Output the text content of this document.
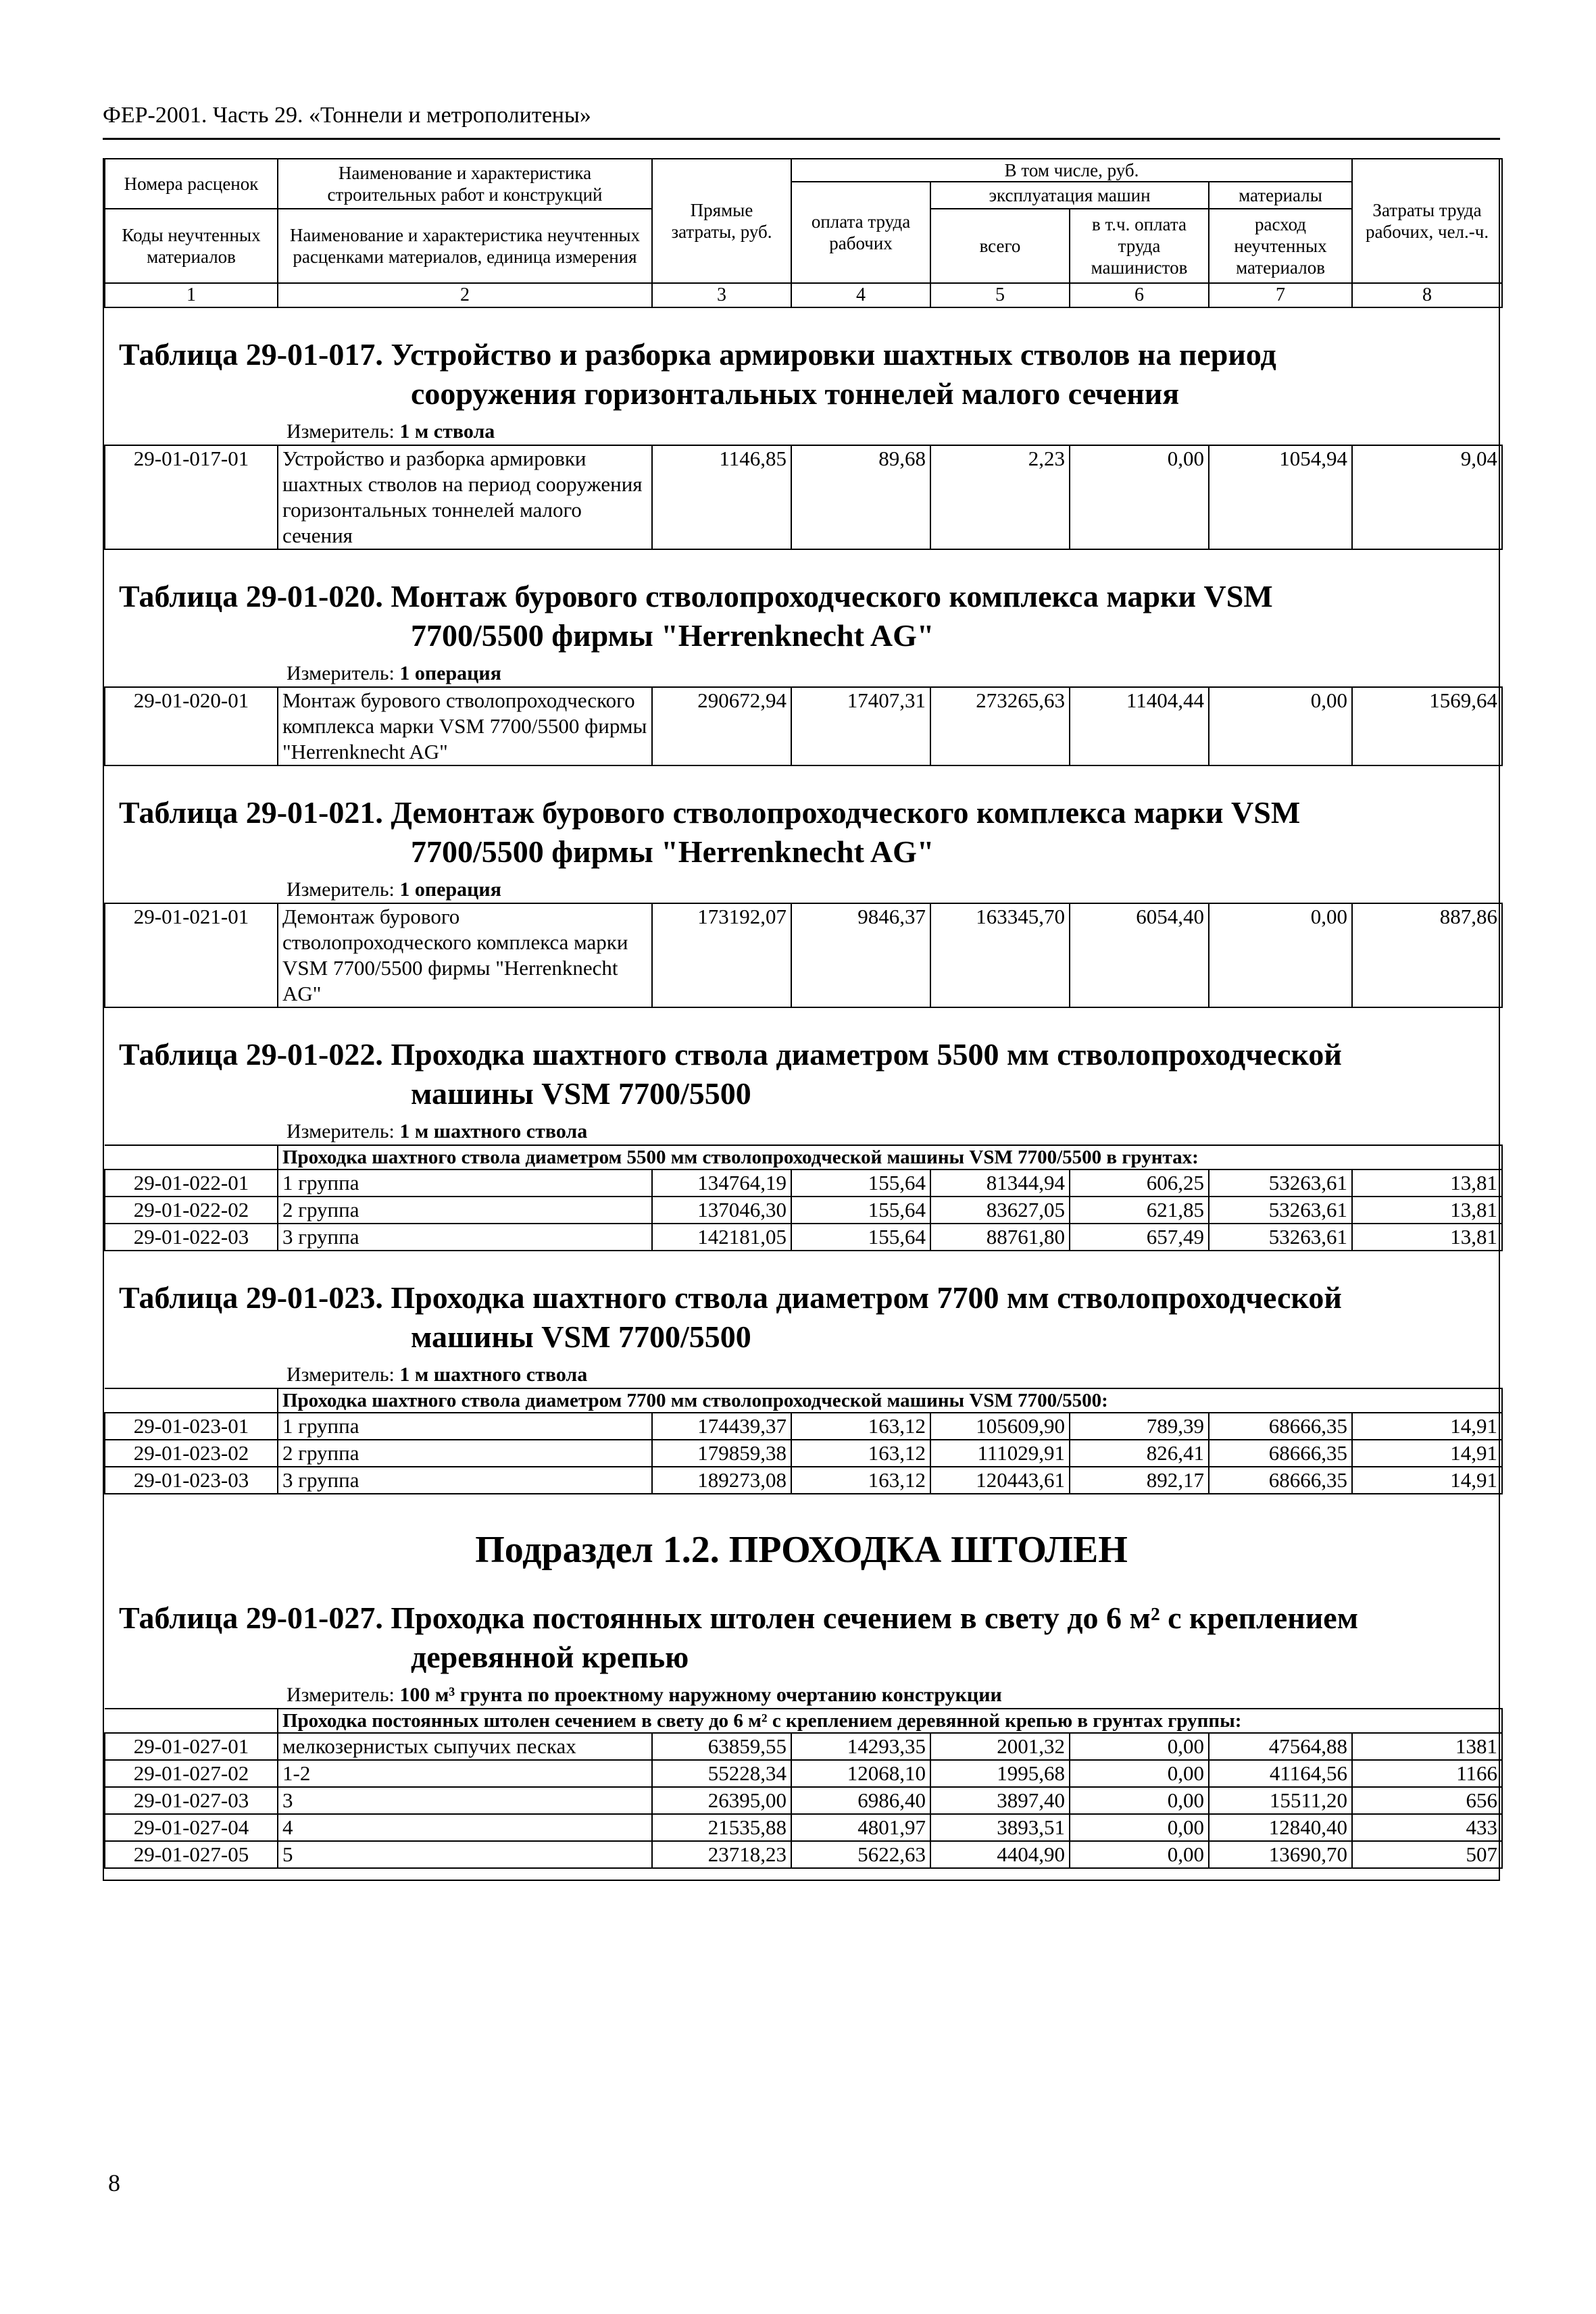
ФЕР-2001. Часть 29. «Тоннели и метрополитены»
Номера расценок	Наименование и характеристика строительных работ и конструкций	Прямые затраты, руб.	В том числе, руб.				Затраты труда рабочих, чел.-ч.
			оплата труда рабочих	эксплуатация машин		материалы	
Коды неучтенных материалов	Наименование и характеристика неучтенных расценками материалов, единица измерения			всего	в т.ч. оплата труда машинистов	расход неучтенных материалов	

1	2	3	4	5	6	7	8
Таблица 29-01-017. Устройство и разборка армировки шахтных стволов на период
сооружения горизонтальных тоннелей малого сечения
Измеритель: 1 м ствола
29-01-017-01	Устройство и разборка армировки шахтных стволов на период сооружения горизонтальных тоннелей малого сечения	1146,85	89,68	2,23	0,00	1054,94	9,04
Таблица 29-01-020. Монтаж бурового стволопроходческого комплекса марки VSM
7700/5500 фирмы "Herrenknecht AG"
Измеритель: 1 операция
29-01-020-01	Монтаж бурового стволопроходческого комплекса марки VSM 7700/5500 фирмы "Herrenknecht AG"	290672,94	17407,31	273265,63	11404,44	0,00	1569,64
Таблица 29-01-021. Демонтаж бурового стволопроходческого комплекса марки VSM
7700/5500 фирмы "Herrenknecht AG"
Измеритель: 1 операция
29-01-021-01	Демонтаж бурового стволопроходческого комплекса марки VSM 7700/5500 фирмы "Herrenknecht AG"	173192,07	9846,37	163345,70	6054,40	0,00	887,86
Таблица 29-01-022. Проходка шахтного ствола диаметром 5500 мм стволопроходческой
машины VSM 7700/5500
Измеритель: 1 м шахтного ствола
	Проходка шахтного ствола диаметром 5500 мм стволопроходческой машины VSM 7700/5500 в грунтах:						
29-01-022-01	1 группа	134764,19	155,64	81344,94	606,25	53263,61	13,81
29-01-022-02	2 группа	137046,30	155,64	83627,05	621,85	53263,61	13,81
29-01-022-03	3 группа	142181,05	155,64	88761,80	657,49	53263,61	13,81
Таблица 29-01-023. Проходка шахтного ствола диаметром 7700 мм стволопроходческой
машины VSM 7700/5500
Измеритель: 1 м шахтного ствола
	Проходка шахтного ствола диаметром 7700 мм стволопроходческой машины VSM 7700/5500:						
29-01-023-01	1 группа	174439,37	163,12	105609,90	789,39	68666,35	14,91
29-01-023-02	2 группа	179859,38	163,12	111029,91	826,41	68666,35	14,91
29-01-023-03	3 группа	189273,08	163,12	120443,61	892,17	68666,35	14,91
Подраздел 1.2. ПРОХОДКА ШТОЛЕН
Таблица 29-01-027. Проходка постоянных штолен сечением в свету до 6 м² с креплением
деревянной крепью
Измеритель: 100 м³ грунта по проектному наружному очертанию конструкции
	Проходка постоянных штолен сечением в свету до 6 м² с креплением деревянной крепью в грунтах группы:						
29-01-027-01	мелкозернистых сыпучих песках	63859,55	14293,35	2001,32	0,00	47564,88	1381
29-01-027-02	1-2	55228,34	12068,10	1995,68	0,00	41164,56	1166
29-01-027-03	3	26395,00	6986,40	3897,40	0,00	15511,20	656
29-01-027-04	4	21535,88	4801,97	3893,51	0,00	12840,40	433
29-01-027-05	5	23718,23	5622,63	4404,90	0,00	13690,70	507
8
